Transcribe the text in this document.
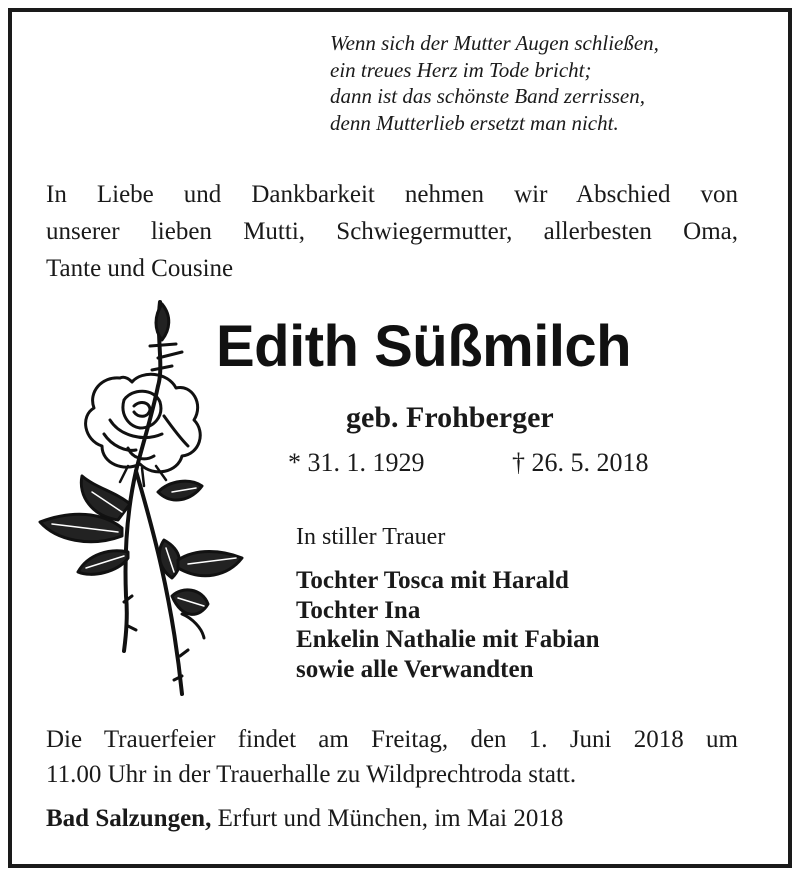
Wenn sich der Mutter Augen schließen,
ein treues Herz im Tode bricht;
dann ist das schönste Band zerrissen,
denn Mutterlieb ersetzt man nicht.
In Liebe und Dankbarkeit nehmen wir Abschied von
unserer lieben Mutti, Schwiegermutter, allerbesten Oma,
Tante und Cousine
Edith Süßmilch
geb. Frohberger
* 31. 1. 1929	† 26. 5. 2018
In stiller Trauer
Tochter Tosca mit Harald
Tochter Ina
Enkelin Nathalie mit Fabian
sowie alle Verwandten
Die Trauerfeier findet am Freitag, den 1. Juni 2018 um
11.00 Uhr in der Trauerhalle zu Wildprechtroda statt.
Bad Salzungen, Erfurt und München, im Mai 2018
